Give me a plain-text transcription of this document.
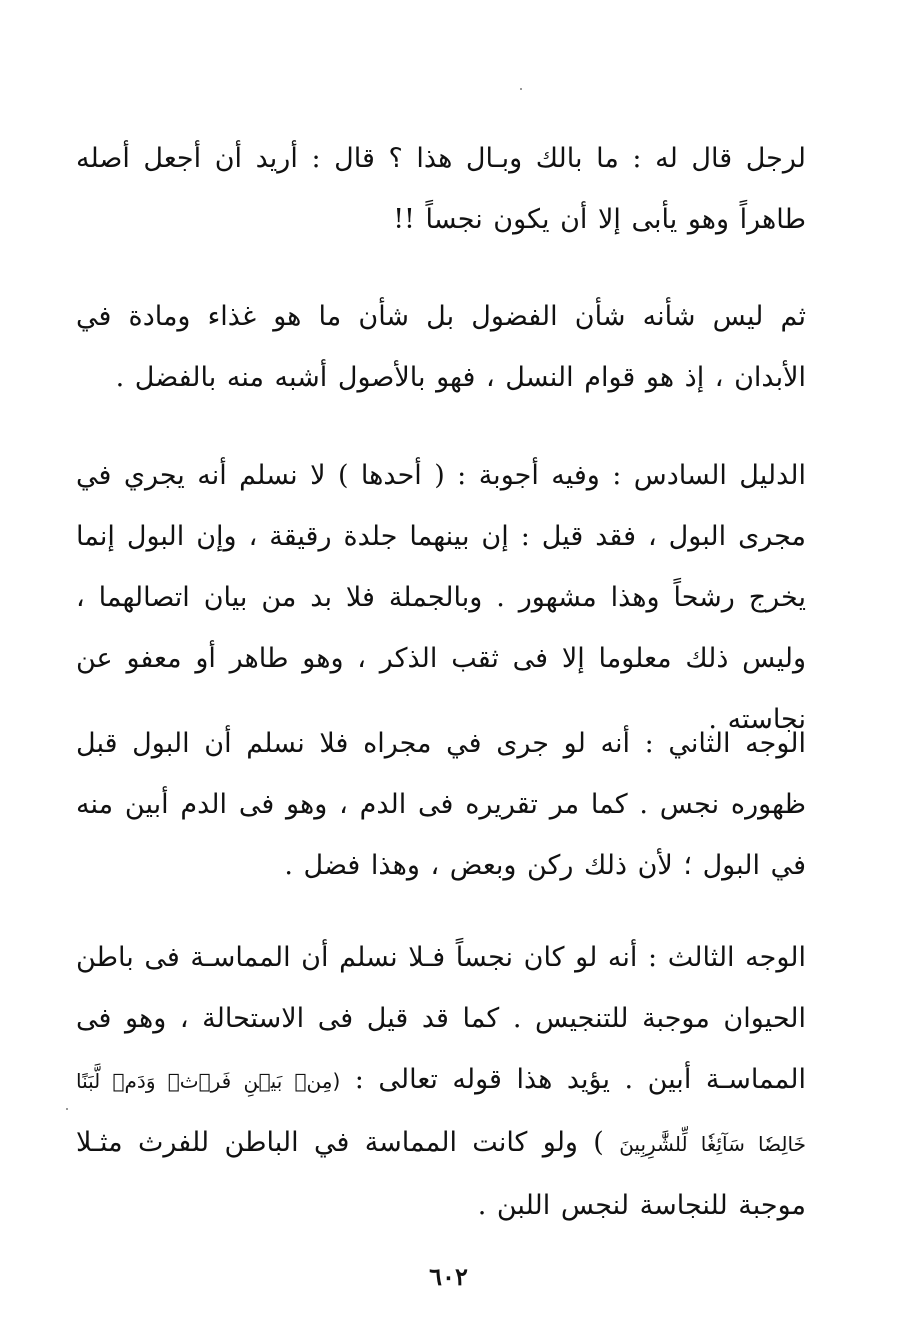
لرجل قال له : ما بالك وبـال هذا ؟ قال : أريد أن أجعل أصله طاهراً وهو يأبى إلا أن يكون نجساً !!
ثم ليس شأنه شأن الفضول بل شأن ما هو غذاء ومادة في الأبدان ، إذ هو قوام النسل ، فهو بالأصول أشبه منه بالفضل .
الدليل السادس : وفيه أجوبة : ( أحدها ) لا نسلم أنه يجري في مجرى البول ، فقد قيل : إن بينهما جلدة رقيقة ، وإن البول إنما يخرج رشحاً وهذا مشهور . وبالجملة فلا بد من بيان اتصالهما ، وليس ذلك معلوما إلا فى ثقب الذكر ، وهو طاهر أو معفو عن نجاسته .
الوجه الثاني : أنه لو جرى في مجراه فلا نسلم أن البول قبل ظهوره نجس . كما مر تقريره فى الدم ، وهو فى الدم أبين منه في البول ؛ لأن ذلك ركن وبعض ، وهذا فضل .
الوجه الثالث : أنه لو كان نجساً فـلا نسلم أن المماسـة فى باطن الحيوان موجبة للتنجيس . كما قد قيل فى الاستحالة ، وهو فى المماسـة أبين . يؤيد هذا قوله تعالى : (مِنۢ بَيۡنِ فَرۡثٖ وَدَمٖ لَّبَنًا خَالِصٗا سَآئِغٗا لِّلشَّٰرِبِينَ ) ولو كانت المماسة في الباطن للفرث مثـلا موجبة للنجاسة لنجس اللبن .
٦٠٢
